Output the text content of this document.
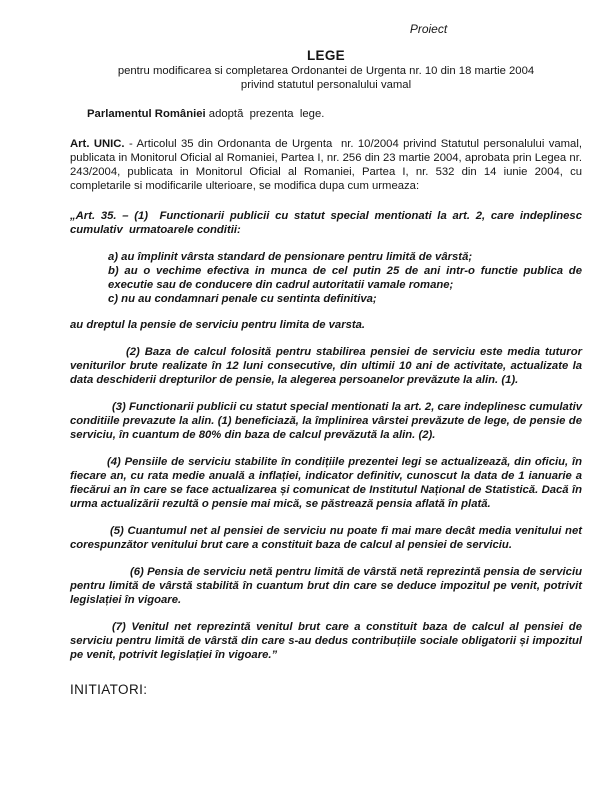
Proiect

LEGE

pentru modificarea si completarea Ordonantei de Urgenta nr. 10 din 18 martie 2004

privind statutul personalului vamal

Parlamentul României adoptă  prezenta  lege.

Art. UNIC. - Articolul 35 din Ordonanta de Urgenta  nr. 10/2004 privind Statutul personalului vamal, publicata in Monitorul Oficial al Romaniei, Partea I, nr. 256 din 23 martie 2004, aprobata prin Legea nr. 243/2004, publicata in Monitorul Oficial al Romaniei, Partea I, nr. 532 din 14 iunie 2004, cu completarile si modificarile ulterioare, se modifica dupa cum urmeaza:

„Art. 35. – (1)  Functionarii publicii cu statut special mentionati la art. 2, care indeplinesc cumulativ  urmatoarele conditii:

a) au împlinit vârsta standard de pensionare pentru limită de vârstă;

b) au o vechime efectiva in munca de cel putin 25 de ani intr-o functie publica de executie sau de conducere din cadrul autoritatii vamale romane;

c) nu au condamnari penale cu sentinta definitiva;

au dreptul la pensie de serviciu pentru limita de varsta.

(2) Baza de calcul folosită pentru stabilirea pensiei de serviciu este media tuturor veniturilor brute realizate în 12 luni consecutive, din ultimii 10 ani de activitate, actualizate la data deschiderii drepturilor de pensie, la alegerea persoanelor prevăzute la alin. (1).

(3) Functionarii publicii cu statut special mentionati la art. 2, care indeplinesc cumulativ conditiile prevazute la alin. (1) beneficiază, la împlinirea vârstei prevăzute de lege, de pensie de serviciu, în cuantum de 80% din baza de calcul prevăzută la alin. (2).

(4) Pensiile de serviciu stabilite în condițiile prezentei legi se actualizează, din oficiu, în fiecare an, cu rata medie anuală a inflației, indicator definitiv, cunoscut la data de 1 ianuarie a fiecărui an în care se face actualizarea și comunicat de Institutul Național de Statistică. Dacă în urma actualizării rezultă o pensie mai mică, se păstrează pensia aflată în plată.

(5) Cuantumul net al pensiei de serviciu nu poate fi mai mare decât media venitului net corespunzător venitului brut care a constituit baza de calcul al pensiei de serviciu.

(6) Pensia de serviciu netă pentru limită de vârstă netă reprezintă pensia de serviciu pentru limită de vârstă stabilită în cuantum brut din care se deduce impozitul pe venit, potrivit legislației în vigoare.

(7) Venitul net reprezintă venitul brut care a constituit baza de calcul al pensiei de serviciu pentru limită de vârstă din care s-au dedus contribuțiile sociale obligatorii și impozitul pe venit, potrivit legislației în vigoare.”

INITIATORI:
